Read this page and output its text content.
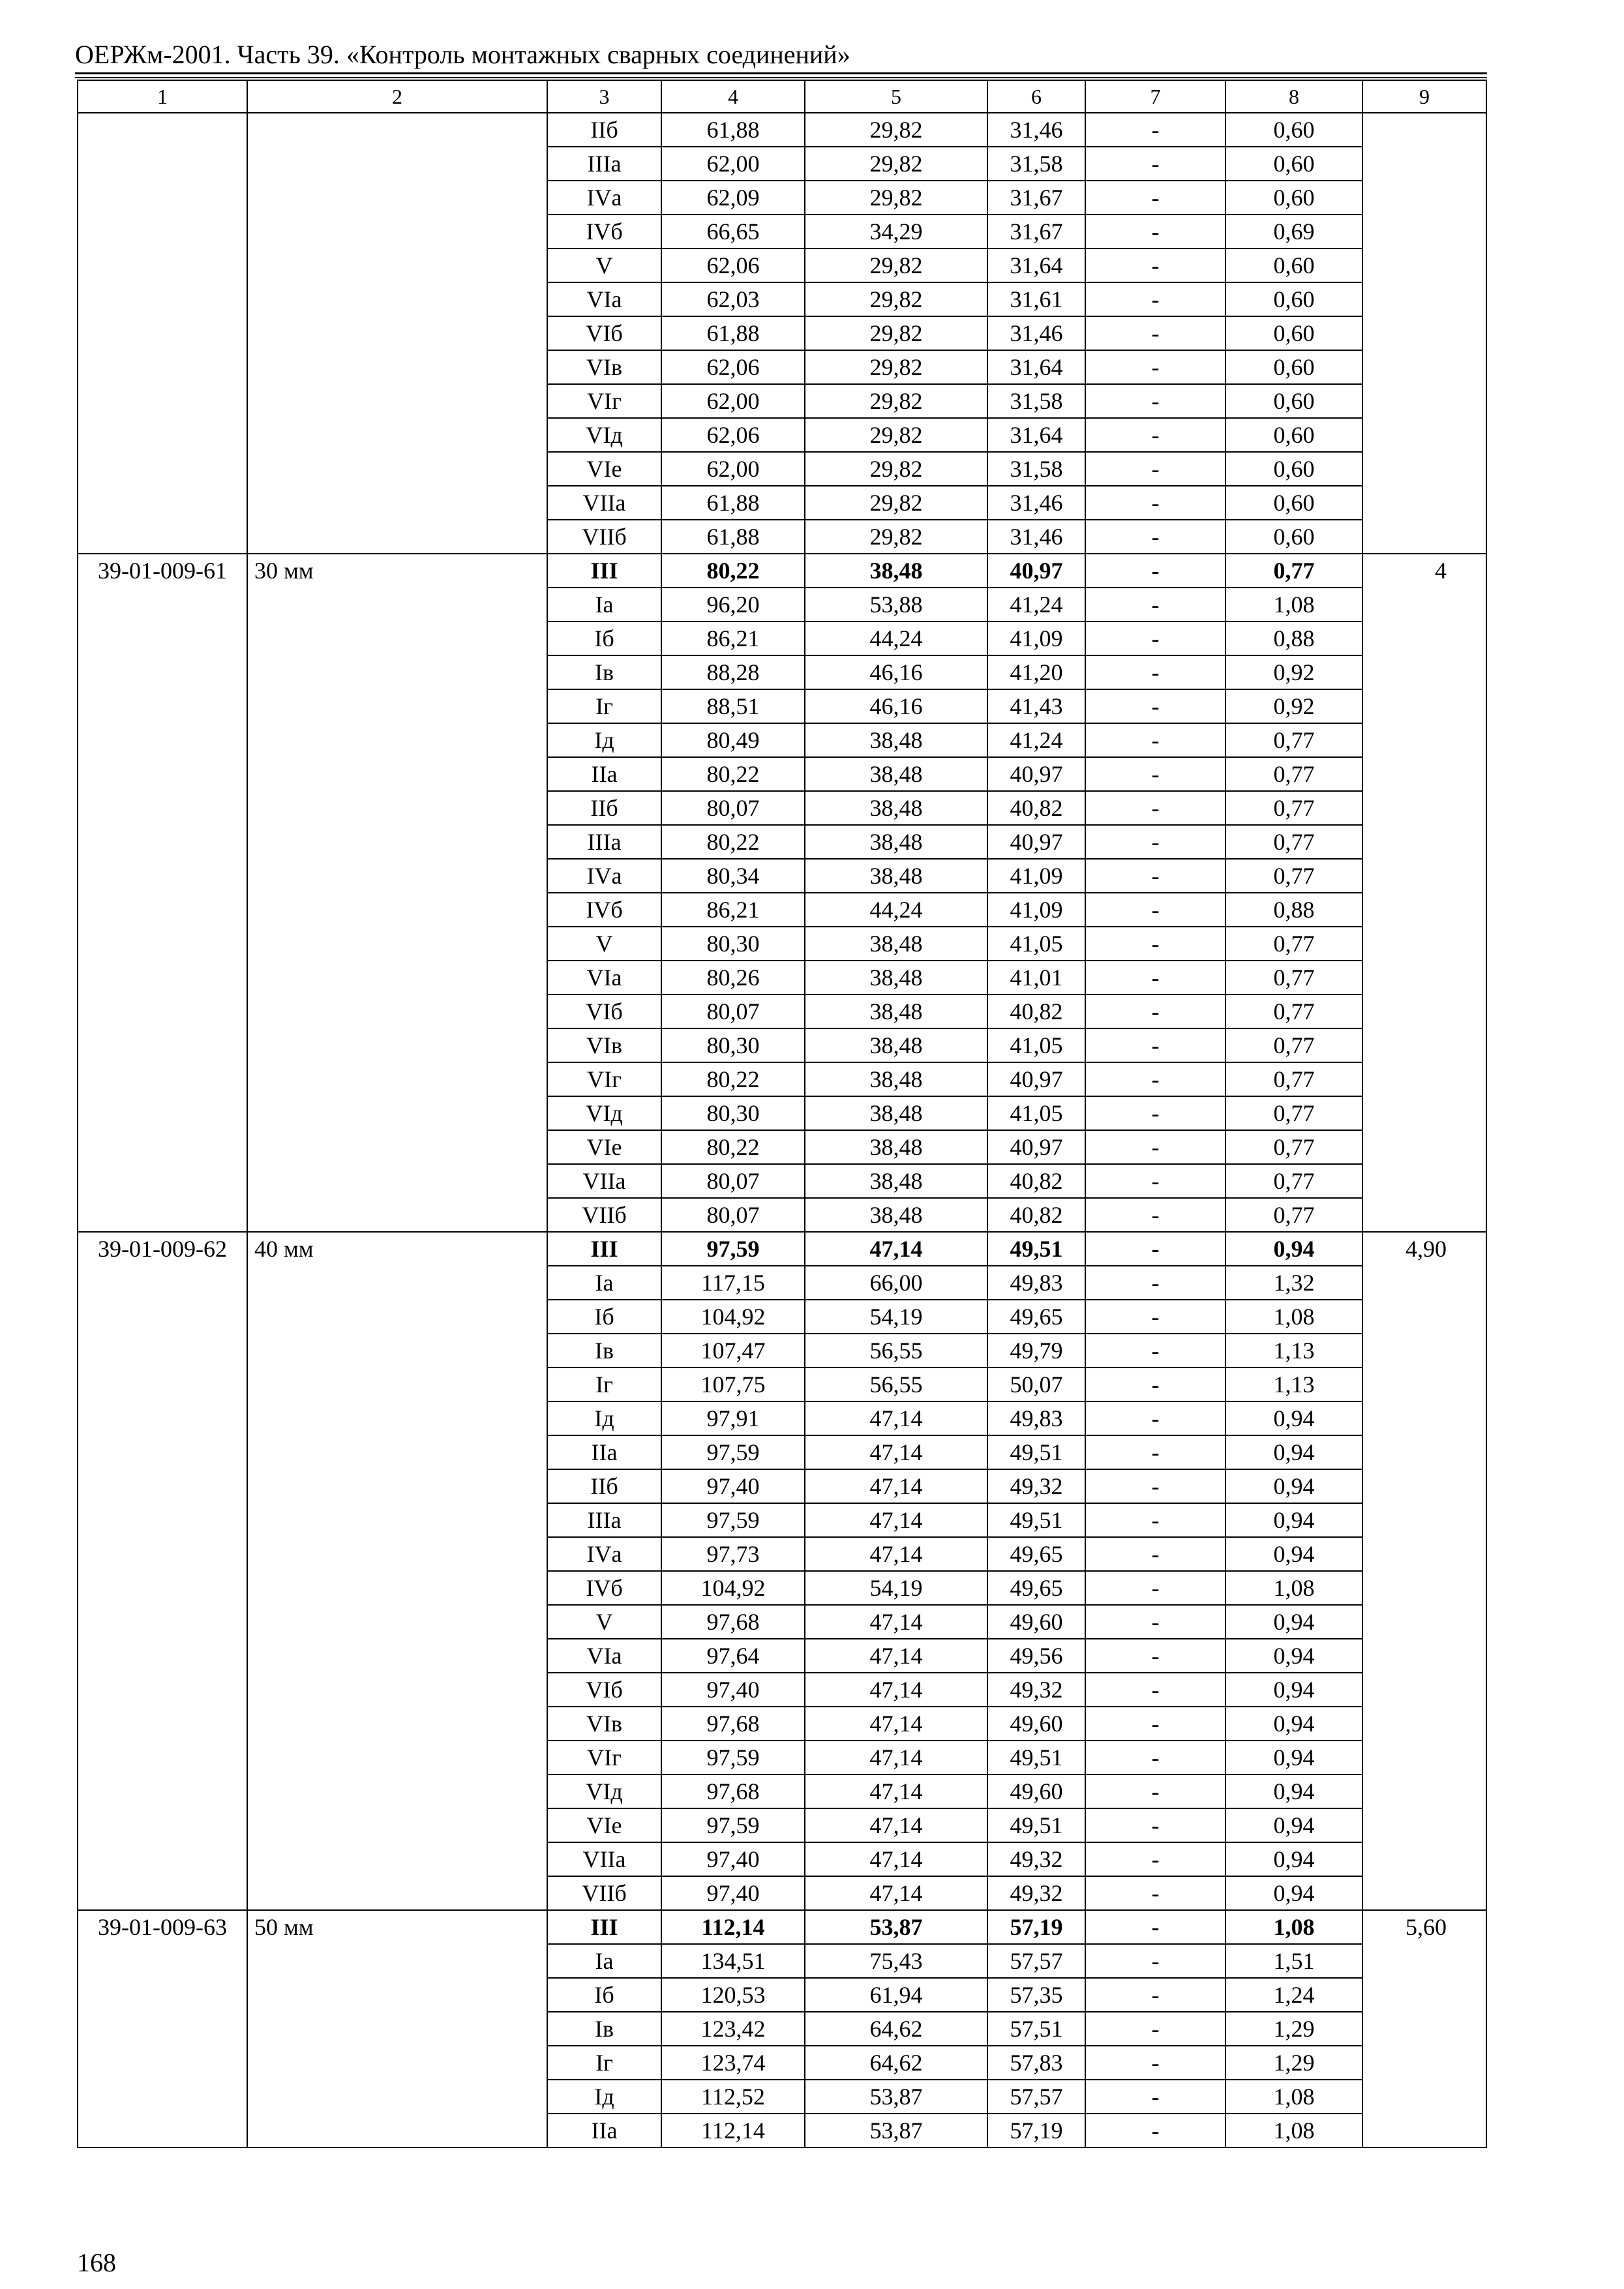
ОЕРЖм-2001. Часть 39. «Контроль монтажных сварных соединений»
1	2	3	4	5	6	7	8	9
		IIб	61,88	29,82	31,46	-	0,60	
		IIIа	62,00	29,82	31,58	-	0,60	
		IVа	62,09	29,82	31,67	-	0,60	
		IVб	66,65	34,29	31,67	-	0,69	
		V	62,06	29,82	31,64	-	0,60	
		VIа	62,03	29,82	31,61	-	0,60	
		VIб	61,88	29,82	31,46	-	0,60	
		VIв	62,06	29,82	31,64	-	0,60	
		VIг	62,00	29,82	31,58	-	0,60	
		VIд	62,06	29,82	31,64	-	0,60	
		VIе	62,00	29,82	31,58	-	0,60	
		VIIа	61,88	29,82	31,46	-	0,60	
		VIIб	61,88	29,82	31,46	-	0,60	
39-01-009-61	30 мм	III	80,22	38,48	40,97	-	0,77	4
		Iа	96,20	53,88	41,24	-	1,08	
		Iб	86,21	44,24	41,09	-	0,88	
		Iв	88,28	46,16	41,20	-	0,92	
		Iг	88,51	46,16	41,43	-	0,92	
		Iд	80,49	38,48	41,24	-	0,77	
		IIа	80,22	38,48	40,97	-	0,77	
		IIб	80,07	38,48	40,82	-	0,77	
		IIIа	80,22	38,48	40,97	-	0,77	
		IVа	80,34	38,48	41,09	-	0,77	
		IVб	86,21	44,24	41,09	-	0,88	
		V	80,30	38,48	41,05	-	0,77	
		VIа	80,26	38,48	41,01	-	0,77	
		VIб	80,07	38,48	40,82	-	0,77	
		VIв	80,30	38,48	41,05	-	0,77	
		VIг	80,22	38,48	40,97	-	0,77	
		VIд	80,30	38,48	41,05	-	0,77	
		VIе	80,22	38,48	40,97	-	0,77	
		VIIа	80,07	38,48	40,82	-	0,77	
		VIIб	80,07	38,48	40,82	-	0,77	
39-01-009-62	40 мм	III	97,59	47,14	49,51	-	0,94	4,90
		Iа	117,15	66,00	49,83	-	1,32	
		Iб	104,92	54,19	49,65	-	1,08	
		Iв	107,47	56,55	49,79	-	1,13	
		Iг	107,75	56,55	50,07	-	1,13	
		Iд	97,91	47,14	49,83	-	0,94	
		IIа	97,59	47,14	49,51	-	0,94	
		IIб	97,40	47,14	49,32	-	0,94	
		IIIа	97,59	47,14	49,51	-	0,94	
		IVа	97,73	47,14	49,65	-	0,94	
		IVб	104,92	54,19	49,65	-	1,08	
		V	97,68	47,14	49,60	-	0,94	
		VIа	97,64	47,14	49,56	-	0,94	
		VIб	97,40	47,14	49,32	-	0,94	
		VIв	97,68	47,14	49,60	-	0,94	
		VIг	97,59	47,14	49,51	-	0,94	
		VIд	97,68	47,14	49,60	-	0,94	
		VIе	97,59	47,14	49,51	-	0,94	
		VIIа	97,40	47,14	49,32	-	0,94	
		VIIб	97,40	47,14	49,32	-	0,94	
39-01-009-63	50 мм	III	112,14	53,87	57,19	-	1,08	5,60
		Iа	134,51	75,43	57,57	-	1,51	
		Iб	120,53	61,94	57,35	-	1,24	
		Iв	123,42	64,62	57,51	-	1,29	
		Iг	123,74	64,62	57,83	-	1,29	
		Iд	112,52	53,87	57,57	-	1,08	
		IIа	112,14	53,87	57,19	-	1,08	
168
